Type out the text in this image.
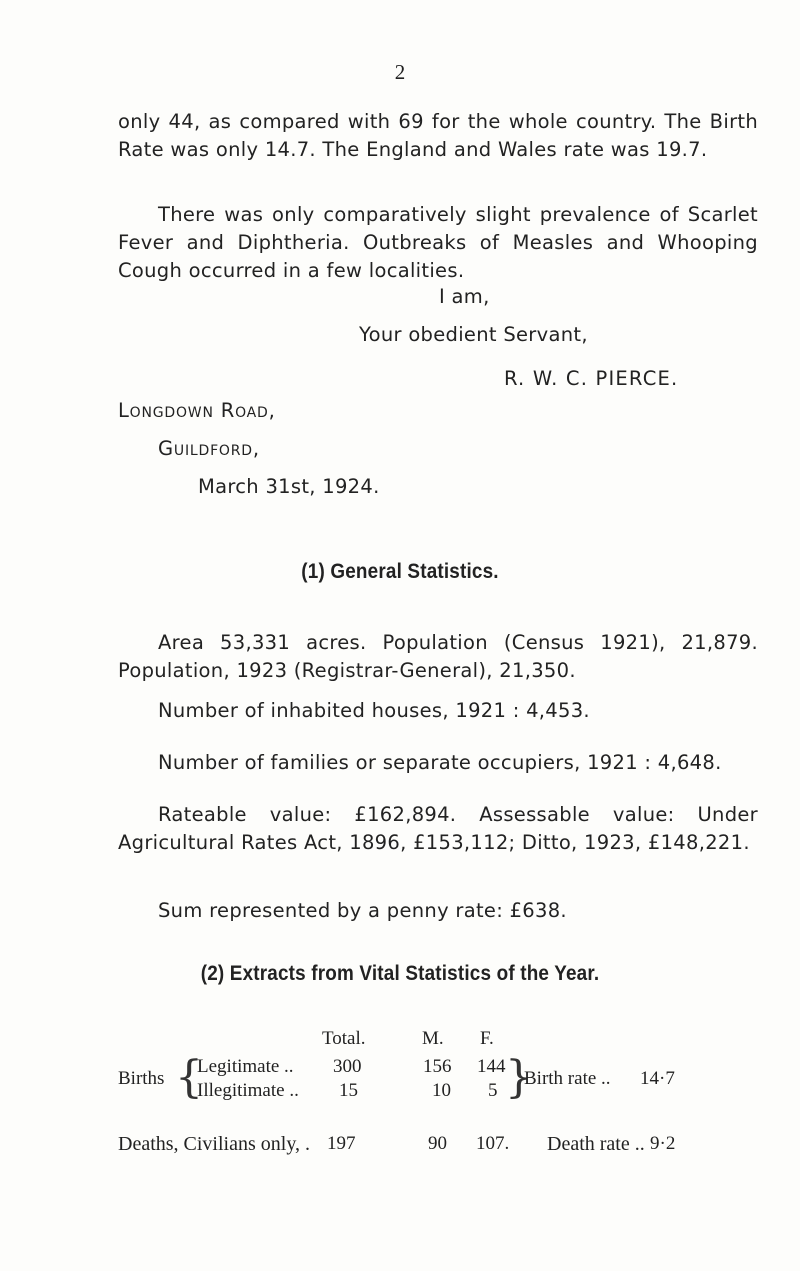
2

only 44, as compared with 69 for the whole country. The Birth Rate was only 14.7. The England and Wales rate was 19.7.

There was only comparatively slight prevalence of Scarlet Fever and Diphtheria. Outbreaks of Measles and Whooping Cough occurred in a few localities.

I am,
Your obedient Servant,
R. W. C. PIERCE.
Longdown Road,
Guildford,
March 31st, 1924.
(1) General Statistics.

Area 53,331 acres. Population (Census 1921), 21,879. Population, 1923 (Registrar-General), 21,350.

Number of inhabited houses, 1921 : 4,453.

Number of families or separate occupiers, 1921 : 4,648.

Rateable value: £162,894. Assessable value: Under Agricultural Rates Act, 1896, £153,112; Ditto, 1923, £148,221.

Sum represented by a penny rate: £638.

(2) Extracts from Vital Statistics of the Year.
Total.	M. F.
Births {
Legitimate .. 300	156 144
Illegitimate .. 15	10 5 }
Birth rate .. 14·7
Deaths, Civilians only, . 197	90 107. Death rate .. 9·2
